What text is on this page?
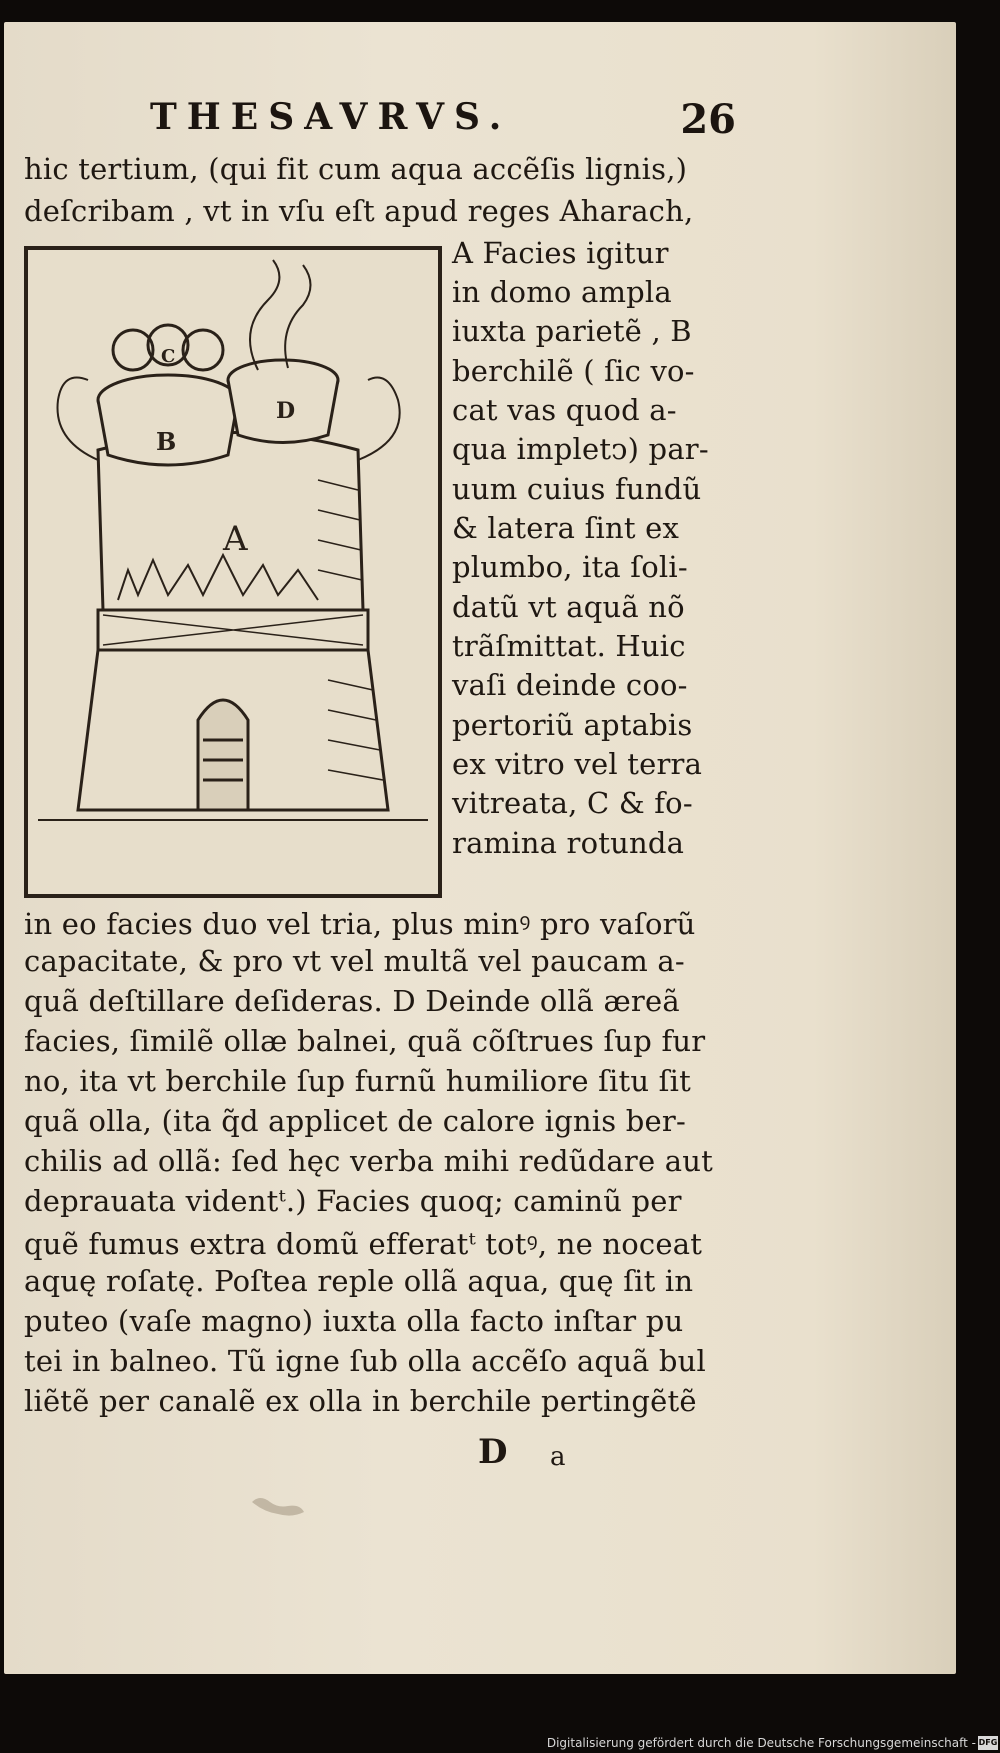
THESAVRVS.	26
hic tertium, (qui fit cum aqua accẽſis lignis,)
deſcribam , vt in vſu eſt apud reges Aharach,
A
B
C
D
A Facies igitur
in domo ampla
iuxta parietẽ , B
berchilẽ ( ſic vo-
cat vas quod a-
qua impletͻ) par-
uum cuius fundũ
& latera ſint ex
plumbo, ita ſoli-
datũ vt aquã nõ
trãſmittat. Huic
vaſi deinde coo-
pertoriũ aptabis
ex vitro vel terra
vitreata, C & fo-
ramina rotunda
in eo facies duo vel tria, plus minꝰ pro vaſorũ
capacitate, & pro vt vel multã vel paucam a-
quã deſtillare deſideras. D Deinde ollã æreã
facies, ſimilẽ ollæ balnei, quã cõſtrues ſup fur
no, ita vt berchile ſup furnũ humiliore ſitu ſit
quã olla, (ita q̃d applicet de calore ignis ber-
chilis ad ollã: ſed hęc verba mihi redũdare aut
deprauata videntᵗ.) Facies quoq; caminũ per
quẽ fumus extra domũ efferatᵗ totꝰ, ne noceat
aquę roſatę. Poſtea reple ollã aqua, quę ſit in
puteo (vaſe magno) iuxta olla facto inſtar pu
tei in balneo. Tũ igne ſub olla accẽſo aquã bul
liẽtẽ per canalẽ ex olla in berchile pertingẽtẽ
D a
Digitalisierung gefördert durch die Deutsche Forschungsgemeinschaft - DFG
